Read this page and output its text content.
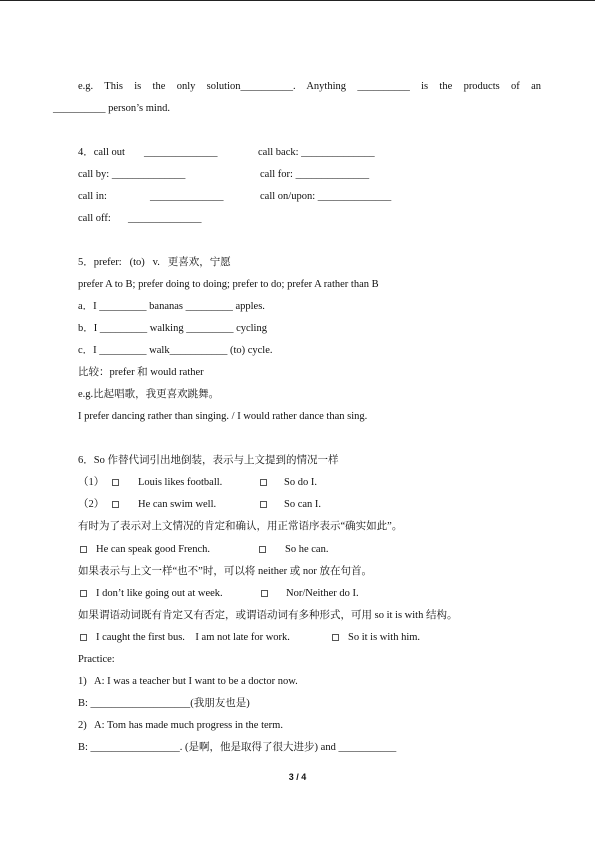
e.g. This is the only solution__________. Anything __________ is the products of an
__________ person’s mind.
4．call out ______________	call back: ______________
call by: ______________	call for: ______________
call in:	______________	call on/upon: ______________
call off: ______________
5．prefer:   (to)   v.   更喜欢，宁愿
prefer A to B; prefer doing to doing; prefer to do; prefer A rather than B
a．I _________ bananas _________ apples.
b．I _________ walking _________ cycling
c．I _________ walk___________ (to) cycle.
比较：prefer 和 would rather
e.g.比起唱歌，我更喜欢跳舞。
I prefer dancing rather than singing. / I would rather dance than sing.
6．So 作替代词引出地倒装，表示与上文提到的情况一样
（1）	Louis likes football.	So do I.
（2）	He can swim well.	So can I.
有时为了表示对上文情况的肯定和确认，用正常语序表示“确实如此”。
He can speak good French.	So he can.
如果表示与上文一样“也不”时，可以将 neither 或 nor 放在句首。
I don’t like going out at week.	Nor/Neither do I.
如果谓语动词既有肯定又有否定，或谓语动词有多种形式，可用 so it is with 结构。
I caught the first bus.    I am not late for work.	So it is with him.
Practice:
1)   A: I was a teacher but I want to be a doctor now.
B: ___________________(我朋友也是)
2)   A: Tom has made much progress in the term.
B: _________________. (是啊，他是取得了很大进步) and ___________
3 / 4
